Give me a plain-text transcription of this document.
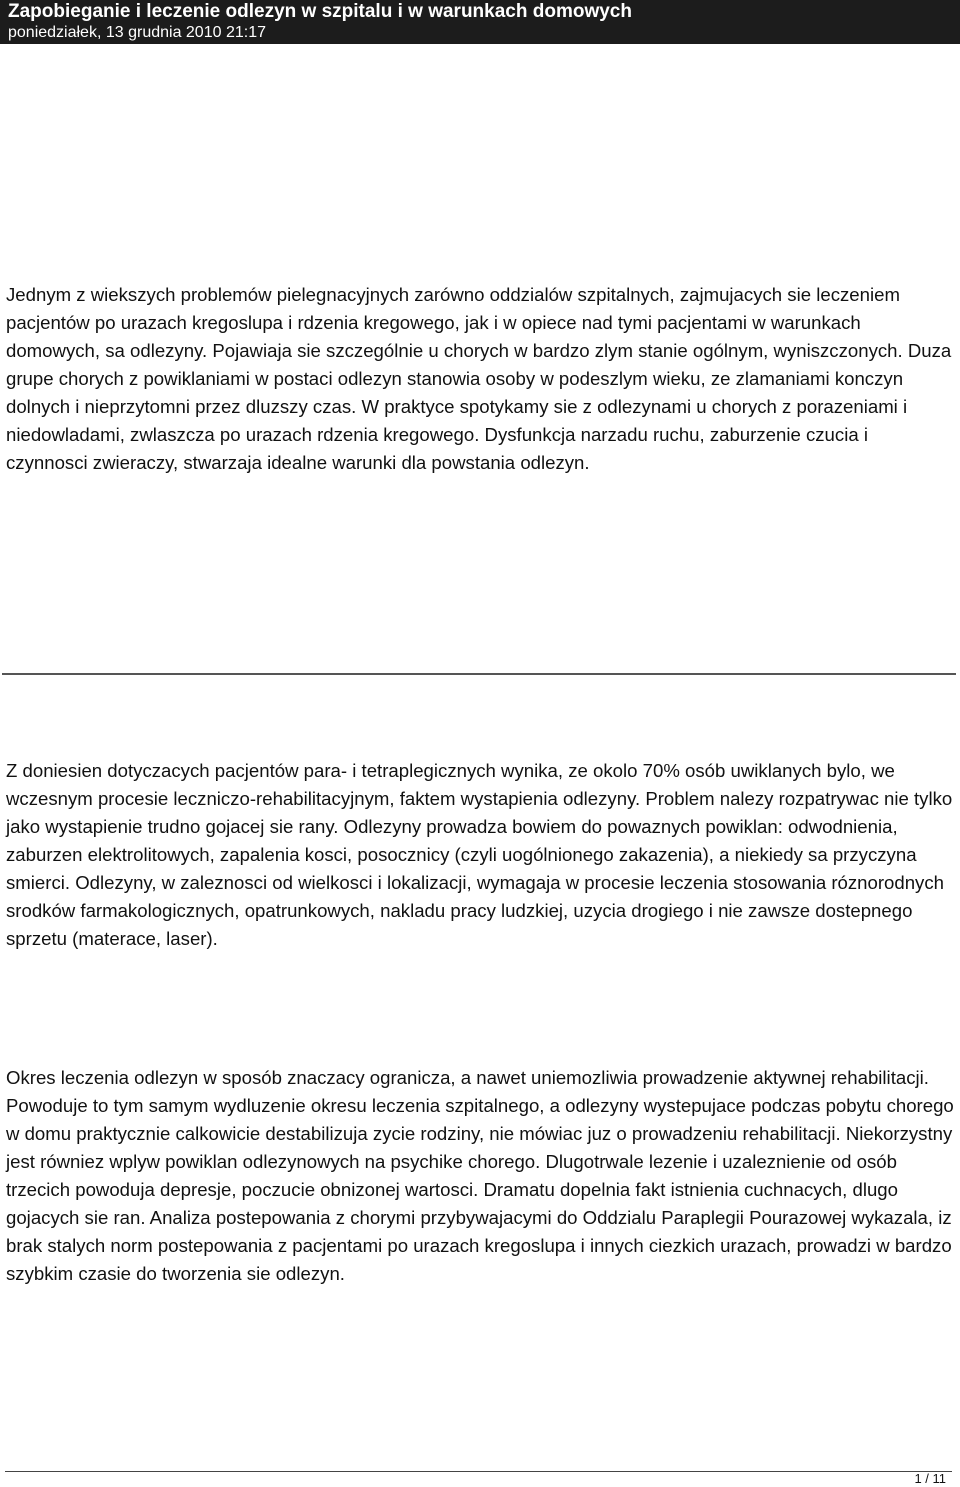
Zapobieganie i leczenie odlezyn w szpitalu i w warunkach domowych
poniedziałek, 13 grudnia 2010 21:17

Jednym z wiekszych problemów pielegnacyjnych zarówno oddzialów szpitalnych, zajmujacych sie leczeniem pacjentów po urazach kregoslupa i rdzenia kregowego, jak i w opiece nad tymi pacjentami w warunkach domowych, sa odlezyny. Pojawiaja sie szczególnie u chorych w bardzo zlym stanie ogólnym, wyniszczonych. Duza grupe chorych z powiklaniami w postaci odlezyn stanowia osoby w podeszlym wieku, ze zlamaniami konczyn dolnych i nieprzytomni przez dluzszy czas. W praktyce spotykamy sie z odlezynami u chorych z porazeniami i niedowladami, zwlaszcza po urazach rdzenia kregowego. Dysfunkcja narzadu ruchu, zaburzenie czucia i czynnosci zwieraczy, stwarzaja idealne warunki dla powstania odlezyn.

Z doniesien dotyczacych pacjentów para- i tetraplegicznych wynika, ze okolo 70% osób uwiklanych bylo, we wczesnym procesie leczniczo-rehabilitacyjnym, faktem wystapienia odlezyny. Problem nalezy rozpatrywac nie tylko jako wystapienie trudno gojacej sie rany. Odlezyny prowadza bowiem do powaznych powiklan: odwodnienia, zaburzen elektrolitowych, zapalenia kosci, posocznicy (czyli uogólnionego zakazenia), a niekiedy sa przyczyna smierci. Odlezyny, w zaleznosci od wielkosci i lokalizacji, wymagaja w procesie leczenia stosowania róznorodnych srodków farmakologicznych, opatrunkowych, nakladu pracy ludzkiej, uzycia drogiego i nie zawsze dostepnego sprzetu (materace, laser).

Okres leczenia odlezyn w sposób znaczacy ogranicza, a nawet uniemozliwia prowadzenie aktywnej rehabilitacji. Powoduje to tym samym wydluzenie okresu leczenia szpitalnego, a odlezyny wystepujace podczas pobytu chorego w domu praktycznie calkowicie destabilizuja zycie rodziny, nie mówiac juz o prowadzeniu rehabilitacji. Niekorzystny jest równiez wplyw powiklan odlezynowych na psychike chorego. Dlugotrwale lezenie i uzaleznienie od osób trzecich powoduja depresje, poczucie obnizonej wartosci. Dramatu dopelnia fakt istnienia cuchnacych, dlugo gojacych sie ran. Analiza postepowania z chorymi przybywajacymi do Oddzialu Paraplegii Pourazowej wykazala, iz brak stalych norm postepowania z pacjentami po urazach kregoslupa i innych ciezkich urazach, prowadzi w bardzo szybkim czasie do tworzenia sie odlezyn.

1 / 11
